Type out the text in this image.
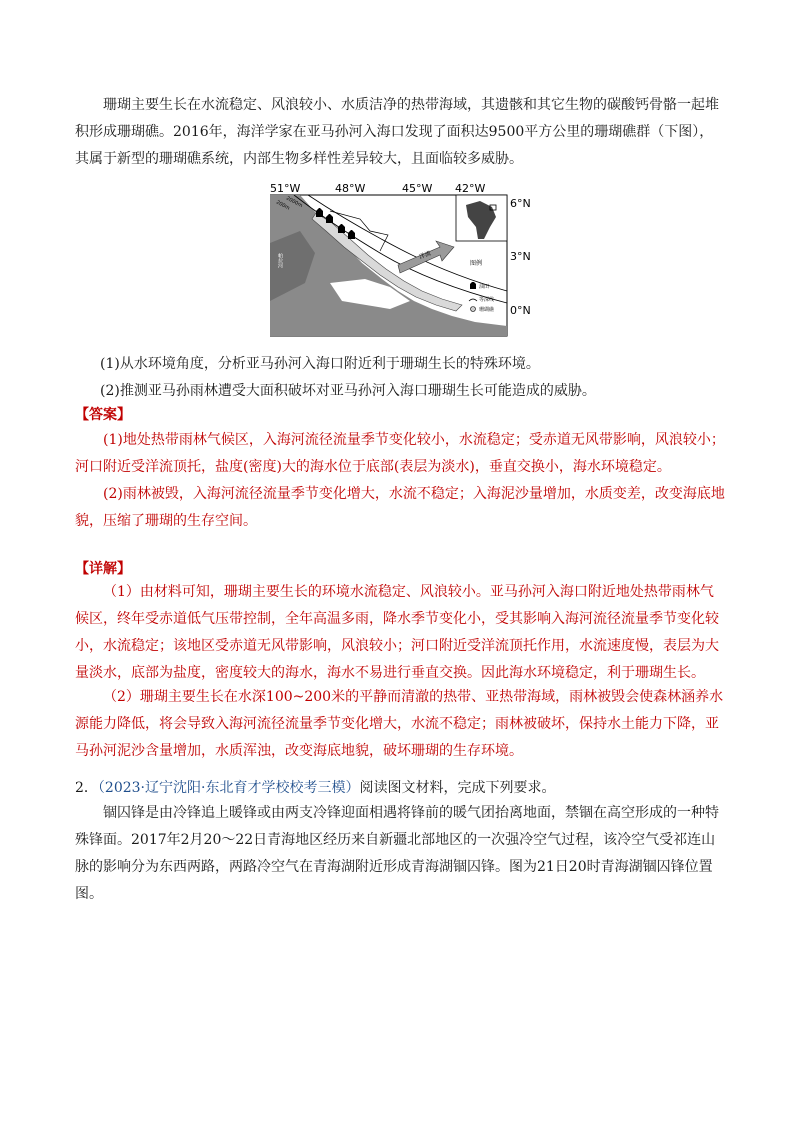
珊瑚主要生长在水流稳定、风浪较小、水质洁净的热带海域，其遗骸和其它生物的碳酸钙骨骼一起堆积形成珊瑚礁。2016年，海洋学家在亚马孙河入海口发现了面积达9500平方公里的珊瑚礁群（下图），其属于新型的珊瑚礁系统，内部生物多样性差异较大，且面临较多威胁。

洋流
51°W	48°W	45°W 42°W
6°N
3°N
0°N
200m
2000m
亚马孙河
帕拉河	图例
油田
等深线
珊瑚礁
(1)从水环境角度，分析亚马孙河入海口附近利于珊瑚生长的特殊环境。
(2)推测亚马孙雨林遭受大面积破坏对亚马孙河入海口珊瑚生长可能造成的威胁。
【答案】

(1)地处热带雨林气候区，入海河流径流量季节变化较小，水流稳定；受赤道无风带影响，风浪较小；河口附近受洋流顶托，盐度(密度)大的海水位于底部(表层为淡水)，垂直交换小，海水环境稳定。

(2)雨林被毁，入海河流径流量季节变化增大，水流不稳定；入海泥沙量增加，水质变差，改变海底地貌，压缩了珊瑚的生存空间。

【详解】

（1）由材料可知，珊瑚主要生长的环境水流稳定、风浪较小。亚马孙河入海口附近地处热带雨林气候区，终年受赤道低气压带控制，全年高温多雨，降水季节变化小，受其影响入海河流径流量季节变化较小，水流稳定；该地区受赤道无风带影响，风浪较小；河口附近受洋流顶托作用，水流速度慢，表层为大量淡水，底部为盐度，密度较大的海水，海水不易进行垂直交换。因此海水环境稳定，利于珊瑚生长。

（2）珊瑚主要生长在水深100~200米的平静而清澈的热带、亚热带海域，雨林被毁会使森林涵养水源能力降低，将会导致入海河流径流量季节变化增大，水流不稳定；雨林被破坏，保持水土能力下降，亚马孙河泥沙含量增加，水质浑浊，改变海底地貌，破坏珊瑚的生存环境。

2．（2023·辽宁沈阳·东北育才学校校考三模）阅读图文材料，完成下列要求。

锢囚锋是由冷锋追上暖锋或由两支冷锋迎面相遇将锋前的暖气团抬离地面，禁锢在高空形成的一种特殊锋面。2017年2月20～22日青海地区经历来自新疆北部地区的一次强冷空气过程，该冷空气受祁连山脉的影响分为东西两路，两路冷空气在青海湖附近形成青海湖锢囚锋。图为21日20时青海湖锢囚锋位置图。
